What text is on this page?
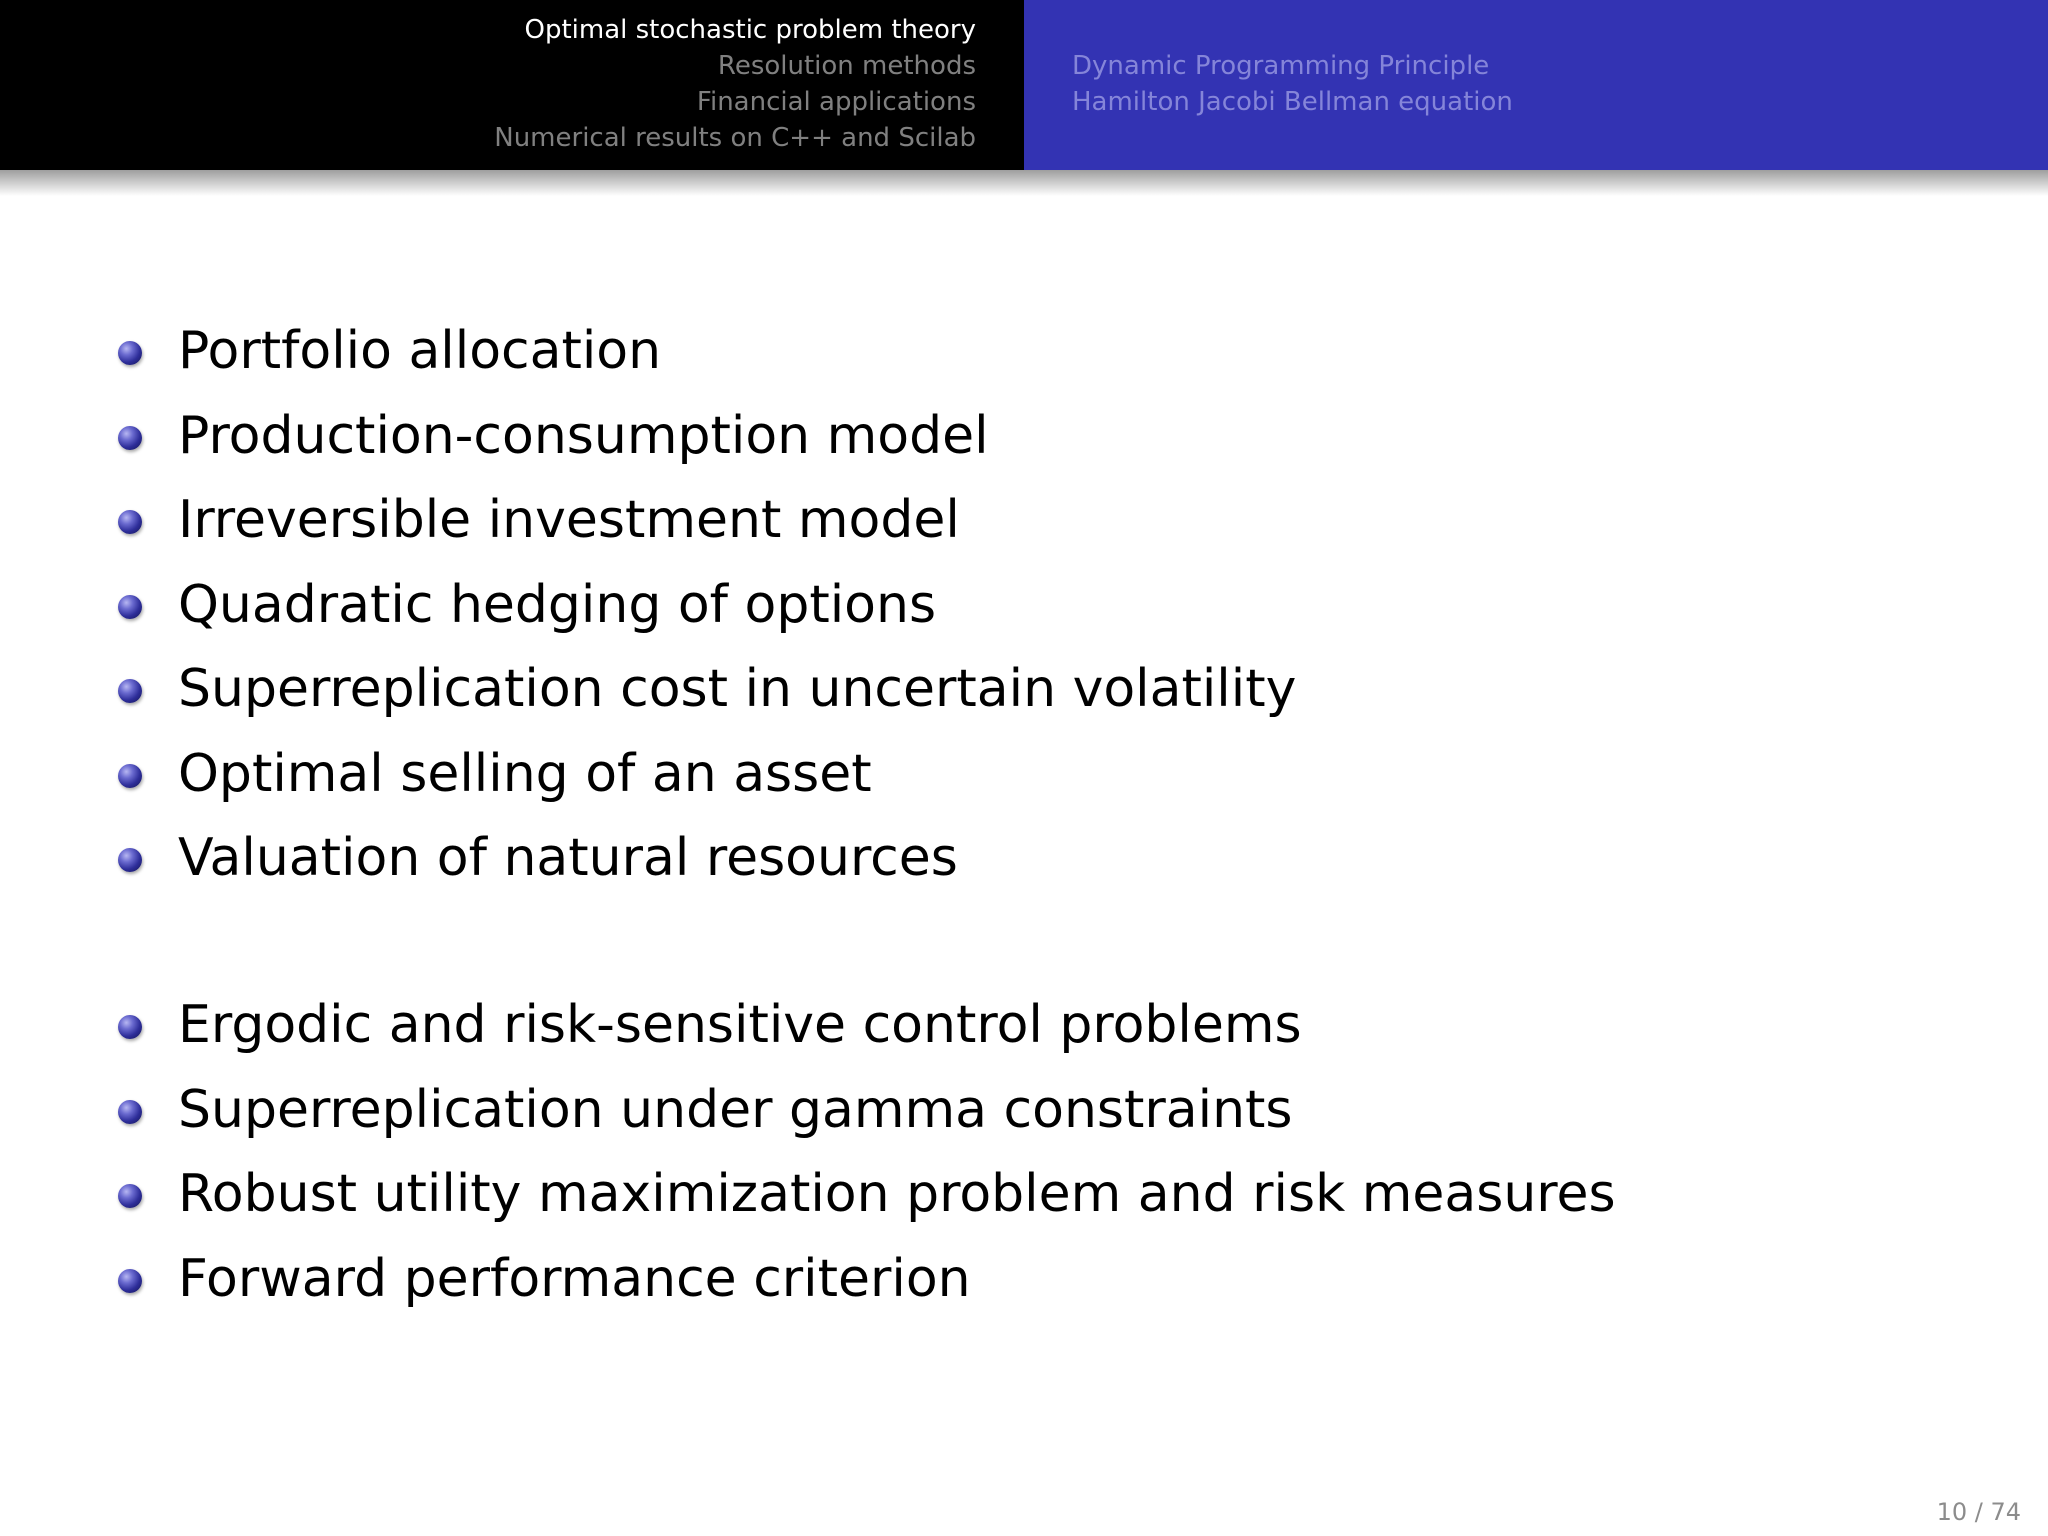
Optimal stochastic problem theory
Resolution methods
Financial applications
Numerical results on C++ and Scilab
Dynamic Programming Principle
Hamilton Jacobi Bellman equation
Portfolio allocation
Production-consumption model
Irreversible investment model
Quadratic hedging of options
Superreplication cost in uncertain volatility
Optimal selling of an asset
Valuation of natural resources
Ergodic and risk-sensitive control problems
Superreplication under gamma constraints
Robust utility maximization problem and risk measures
Forward performance criterion
10 / 74
